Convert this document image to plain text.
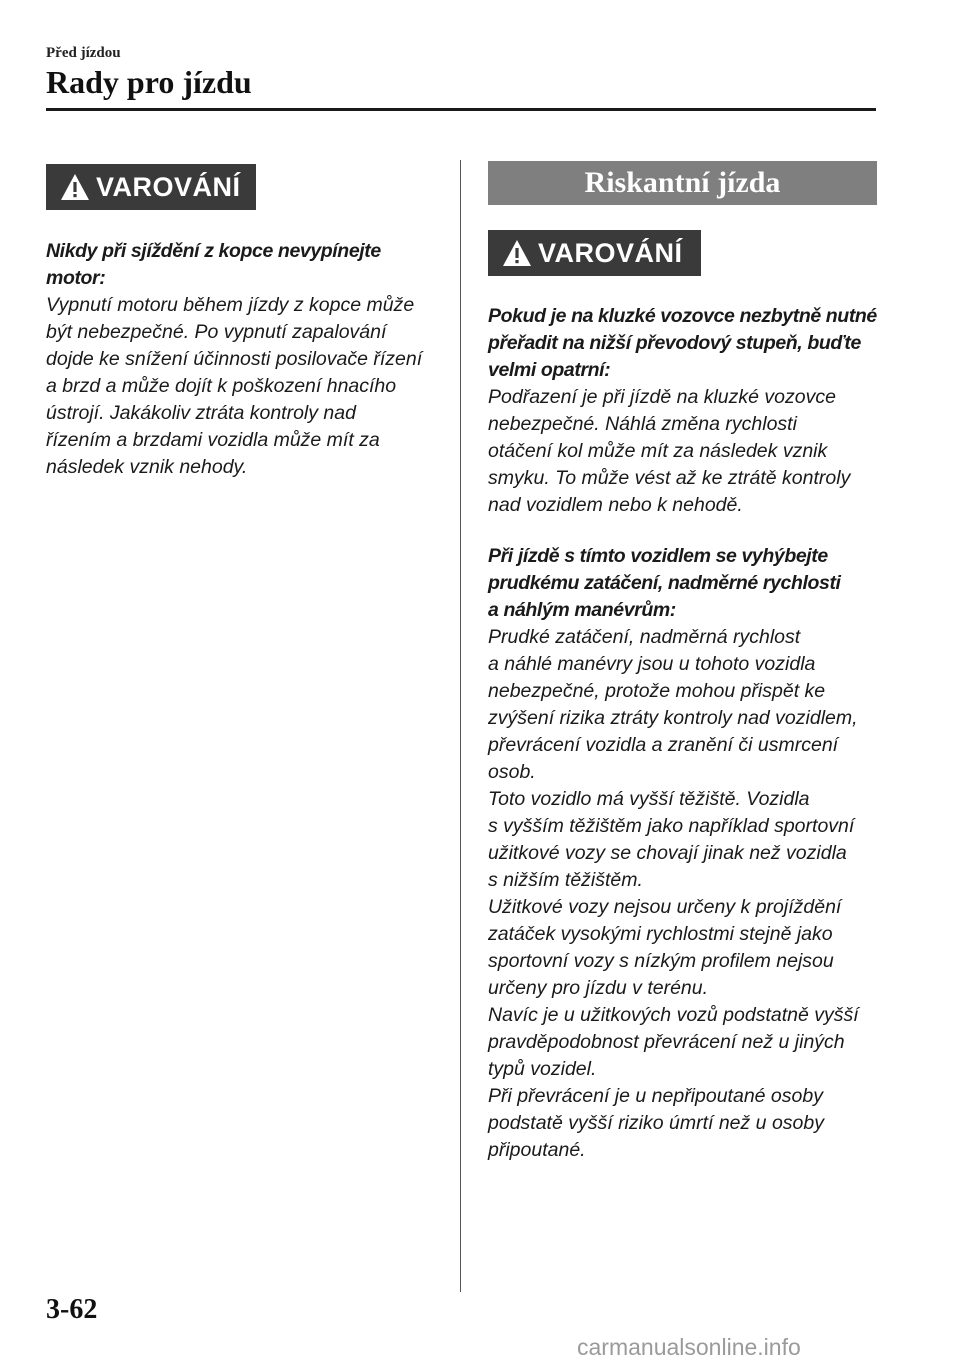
Před jízdou
Rady pro jízdu
VAROVÁNÍ

Nikdy při sjíždění z kopce nevypínejte

motor:

Vypnutí motoru během jízdy z kopce může

být nebezpečné. Po vypnutí zapalování

dojde ke snížení účinnosti posilovače řízení

a brzd a může dojít k poškození hnacího

ústrojí. Jakákoliv ztráta kontroly nad

řízením a brzdami vozidla může mít za

následek vznik nehody.

Riskantní jízda
VAROVÁNÍ

Pokud je na kluzké vozovce nezbytně nutné

přeřadit na nižší převodový stupeň, buďte

velmi opatrní:

Podřazení je při jízdě na kluzké vozovce

nebezpečné. Náhlá změna rychlosti

otáčení kol může mít za následek vznik

smyku. To může vést až ke ztrátě kontroly

nad vozidlem nebo k nehodě.

Při jízdě s tímto vozidlem se vyhýbejte

prudkému zatáčení, nadměrné rychlosti

a náhlým manévrům:

Prudké zatáčení, nadměrná rychlost

a náhlé manévry jsou u tohoto vozidla

nebezpečné, protože mohou přispět ke

zvýšení rizika ztráty kontroly nad vozidlem,

převrácení vozidla a zranění či usmrcení

osob.

Toto vozidlo má vyšší těžiště. Vozidla

s vyšším těžištěm jako například sportovní

užitkové vozy se chovají jinak než vozidla

s nižším těžištěm.

Užitkové vozy nejsou určeny k projíždění

zatáček vysokými rychlostmi stejně jako

sportovní vozy s nízkým profilem nejsou

určeny pro jízdu v terénu.

Navíc je u užitkových vozů podstatně vyšší

pravděpodobnost převrácení než u jiných

typů vozidel.

Při převrácení je u nepřipoutané osoby

podstatě vyšší riziko úmrtí než u osoby

připoutané.

3-62
carmanualsonline.info
